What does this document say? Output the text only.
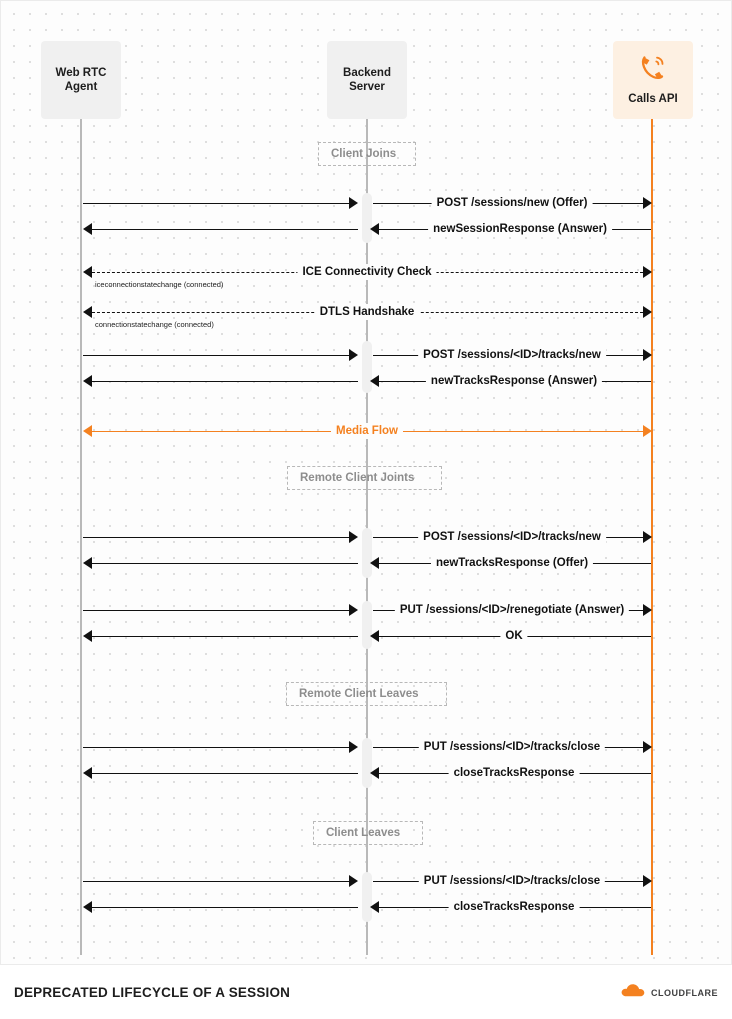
Web RTC
Agent
Backend
Server
Calls API
Client Joins
Remote Client Joints
Remote Client Leaves
Client Leaves
POST /sessions/new (Offer)
newSessionResponse (Answer)
ICE Connectivity Check
iceconnectionstatechange (connected)
DTLS Handshake
connectionstatechange (connected)
POST /sessions/<ID>/tracks/new
newTracksResponse (Answer)
Media Flow
POST /sessions/<ID>/tracks/new
newTracksResponse (Offer)
PUT /sessions/<ID>/renegotiate (Answer)
OK
PUT /sessions/<ID>/tracks/close
closeTracksResponse
PUT /sessions/<ID>/tracks/close
closeTracksResponse
DEPRECATED LIFECYCLE OF A SESSION	CLOUDFLARE
